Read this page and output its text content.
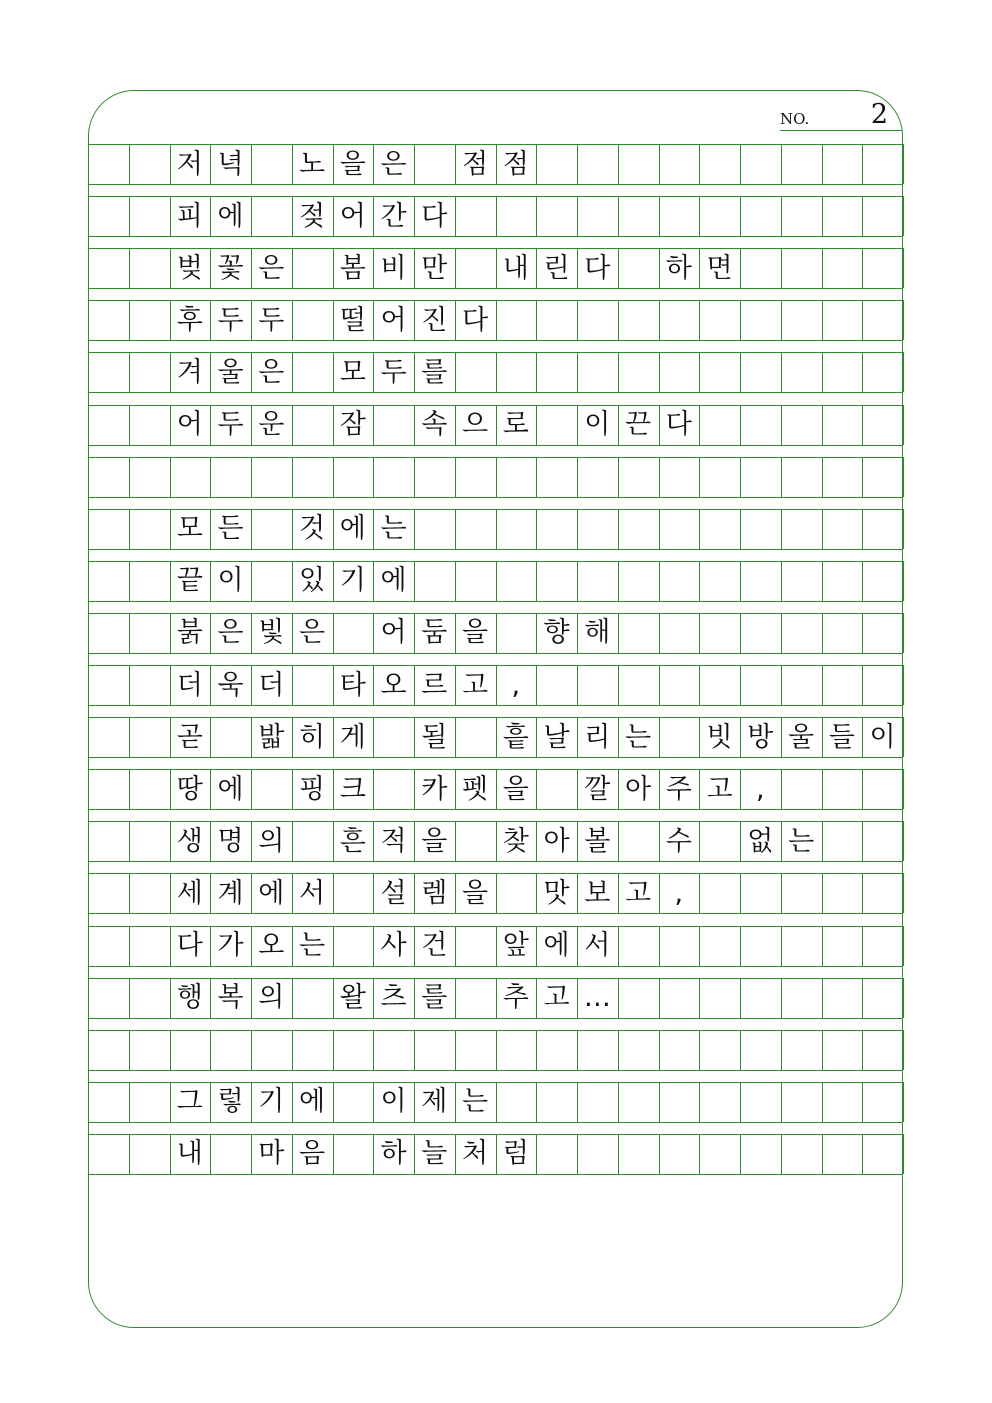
NO. 2
저 녁 노 을 은 점 점
피 에 젖 어 간 다
벚 꽃 은 봄 비 만 내 린 다 하 면
후 두 두 떨 어 진 다
겨 울 은 모 두 를
어 두 운 잠 속 으 로 이 끈 다
모 든 것 에 는
끝 이 있 기 에
붉 은 빛 은 어 둠 을 향 해
더 욱 더 타 오 르 고 ,
곧 밟 히 게 될 흩 날 리 는 빗 방 울 들 이
땅 에 핑 크 카 펫 을 깔 아 주 고 ,
생 명 의 흔 적 을 찾 아 볼 수 없 는
세 계 에 서 설 렘 을 맛 보 고 ,
다 가 오 는 사 건 앞 에 서
행 복 의 왈 츠 를 추 고 …
그 렇 기 에 이 제 는
내 마 음 하 늘 처 럼
